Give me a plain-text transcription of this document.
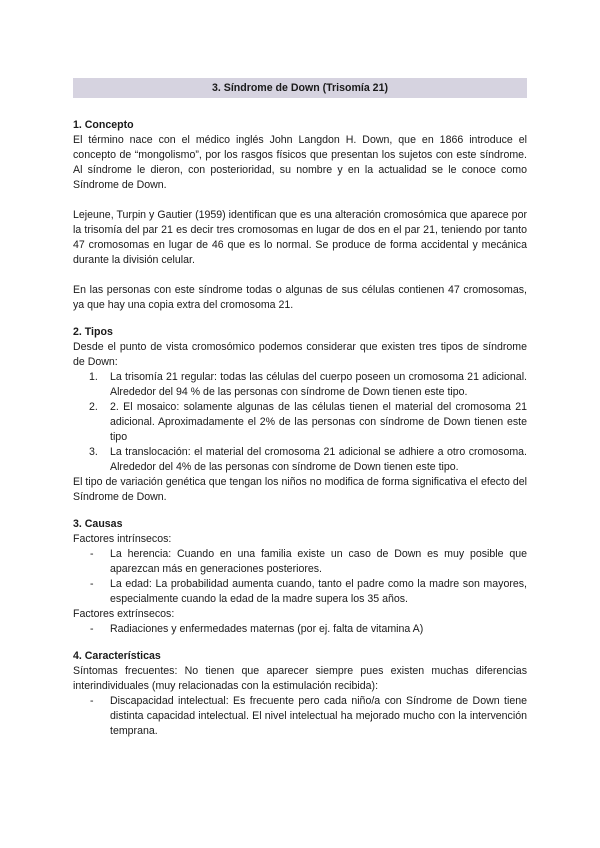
3. Síndrome de Down (Trisomía 21)
1. Concepto

El término nace con el médico inglés John Langdon H. Down, que en 1866 introduce el concepto de “mongolismo”, por los rasgos físicos que presentan los sujetos con este síndrome. Al síndrome le dieron, con posterioridad, su nombre y en la actualidad se le conoce como Síndrome de Down.

Lejeune, Turpin y Gautier (1959) identifican que es una alteración cromosómica que aparece por la trisomía del par 21 es decir tres cromosomas en lugar de dos en el par 21, teniendo por tanto 47 cromosomas en lugar de 46 que es lo normal. Se produce de forma accidental y mecánica durante la división celular.

En las personas con este síndrome todas o algunas de sus células contienen 47 cromosomas, ya que hay una copia extra del cromosoma 21.

2. Tipos

Desde el punto de vista cromosómico podemos considerar que existen tres tipos de síndrome de Down:

1. La trisomía 21 regular: todas las células del cuerpo poseen un cromosoma 21 adicional. Alrededor del 94 % de las personas con síndrome de Down tienen este tipo.
2. 2. El mosaico: solamente algunas de las células tienen el material del cromosoma 21 adicional. Aproximadamente el 2% de las personas con síndrome de Down tienen este tipo
3. La translocación: el material del cromosoma 21 adicional se adhiere a otro cromosoma. Alrededor del 4% de las personas con síndrome de Down tienen este tipo.

El tipo de variación genética que tengan los niños no modifica de forma significativa el efecto del Síndrome de Down.

3. Causas

Factores intrínsecos:

- La herencia: Cuando en una familia existe un caso de Down es muy posible que aparezcan más en generaciones posteriores.
- La edad: La probabilidad aumenta cuando, tanto el padre como la madre son mayores, especialmente cuando la edad de la madre supera los 35 años.

Factores extrínsecos:

- Radiaciones y enfermedades maternas (por ej. falta de vitamina A)
4. Características

Síntomas frecuentes: No tienen que aparecer siempre pues existen muchas diferencias interindividuales (muy relacionadas con la estimulación recibida):

- Discapacidad intelectual: Es frecuente pero cada niño/a con Síndrome de Down tiene distinta capacidad intelectual. El nivel intelectual ha mejorado mucho con la intervención temprana.
